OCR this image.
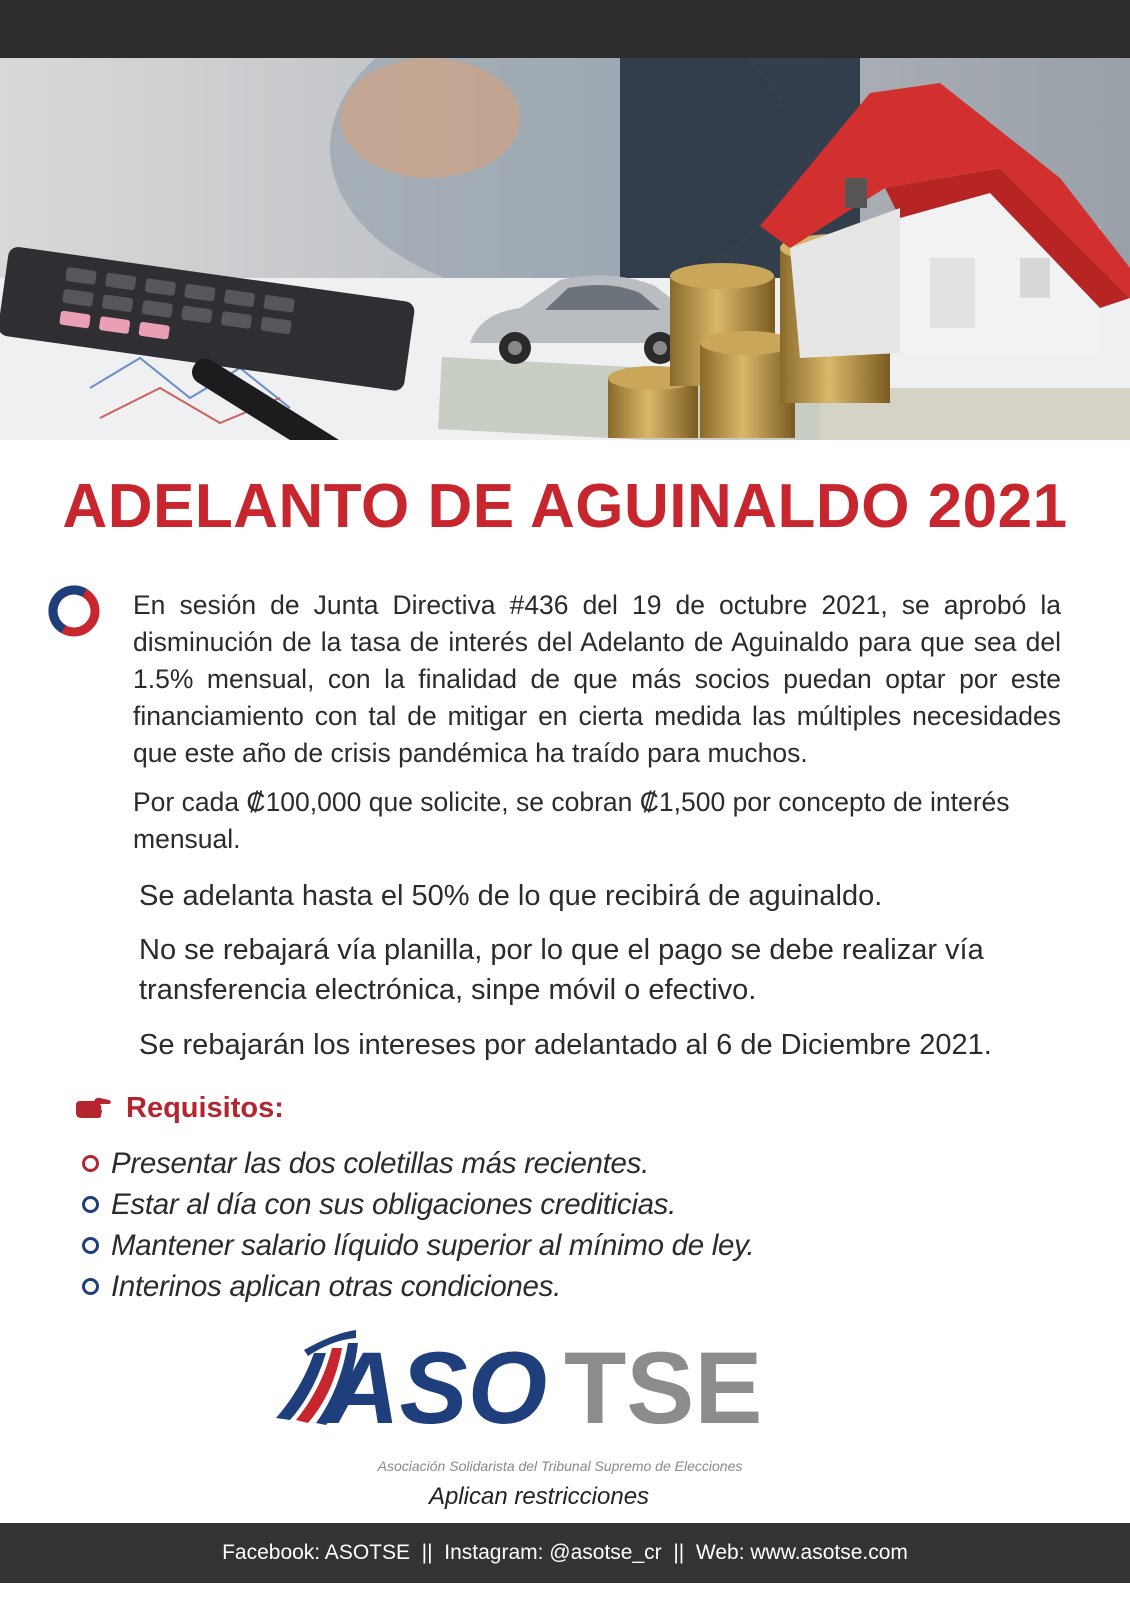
ADELANTO DE AGUINALDO 2021
En sesión de Junta Directiva #436 del 19 de octubre 2021, se aprobó la disminución de la tasa de interés del Adelanto de Aguinaldo para que sea del 1.5% mensual, con la finalidad de que más socios puedan optar por este financiamiento con tal de mitigar en cierta medida las múltiples necesidades que este año de crisis pandémica ha traído para muchos.
Por cada ₡100,000 que solicite, se cobran ₡1,500 por concepto de interés mensual.
Se adelanta hasta el 50% de lo que recibirá de aguinaldo.
No se rebajará vía planilla, por lo que el pago se debe realizar vía transferencia electrónica, sinpe móvil o efectivo.
Se rebajarán los intereses por adelantado al 6 de Diciembre 2021.
Requisitos:
Presentar las dos coletillas más recientes.
Estar al día con sus obligaciones crediticias.
Mantener salario líquido superior al mínimo de ley.
Interinos aplican otras condiciones.
ASO TSE
Asociación Solidarista del Tribunal Supremo de Elecciones
Aplican restricciones
Facebook: ASOTSE  ||  Instagram: @asotse_cr  ||  Web: www.asotse.com
